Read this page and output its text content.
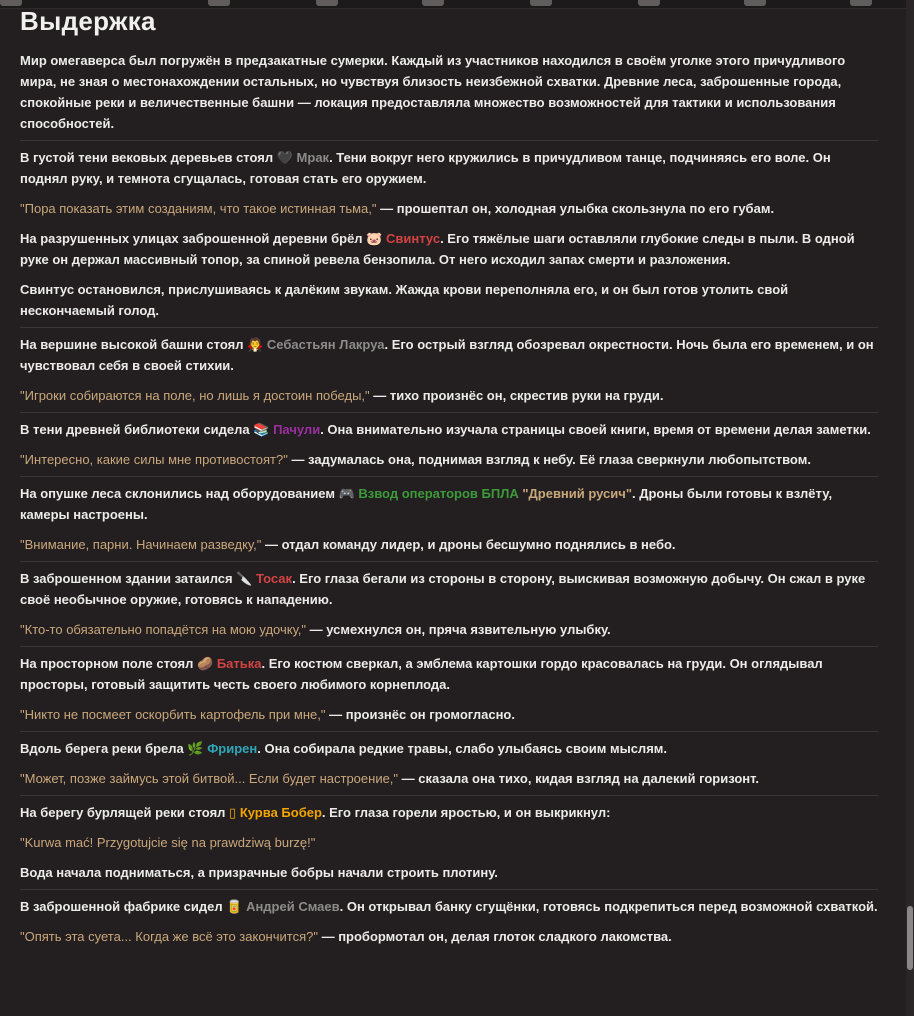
Выдержка

Мир омегаверса был погружён в предзакатные сумерки. Каждый из участников находился в своём уголке этого причудливого мира, не зная о местонахождении остальных, но чувствуя близость неизбежной схватки. Древние леса, заброшенные города, спокойные реки и величественные башни — локация предоставляла множество возможностей для тактики и использования способностей.

В густой тени вековых деревьев стоял 🖤 Мрак. Тени вокруг него кружились в причудливом танце, подчиняясь его воле. Он поднял руку, и темнота сгущалась, готовая стать его оружием.

"Пора показать этим созданиям, что такое истинная тьма," — прошептал он, холодная улыбка скользнула по его губам.

На разрушенных улицах заброшенной деревни брёл 🐷 Свинтус. Его тяжёлые шаги оставляли глубокие следы в пыли. В одной руке он держал массивный топор, за спиной ревела бензопила. От него исходил запах смерти и разложения.

Свинтус остановился, прислушиваясь к далёким звукам. Жажда крови переполняла его, и он был готов утолить свой нескончаемый голод.

На вершине высокой башни стоял 🧛 Себастьян Лакруа. Его острый взгляд обозревал окрестности. Ночь была его временем, и он чувствовал себя в своей стихии.

"Игроки собираются на поле, но лишь я достоин победы," — тихо произнёс он, скрестив руки на груди.

В тени древней библиотеки сидела 📚 Пачули. Она внимательно изучала страницы своей книги, время от времени делая заметки.

"Интересно, какие силы мне противостоят?" — задумалась она, поднимая взгляд к небу. Её глаза сверкнули любопытством.

На опушке леса склонились над оборудованием 🎮 Взвод операторов БПЛА "Древний русич". Дроны были готовы к взлёту, камеры настроены.

"Внимание, парни. Начинаем разведку," — отдал команду лидер, и дроны бесшумно поднялись в небо.

В заброшенном здании затаился 🔪 Тосак. Его глаза бегали из стороны в сторону, выискивая возможную добычу. Он сжал в руке своё необычное оружие, готовясь к нападению.

"Кто-то обязательно попадётся на мою удочку," — усмехнулся он, пряча язвительную улыбку.

На просторном поле стоял 🥔 Батька. Его костюм сверкал, а эмблема картошки гордо красовалась на груди. Он оглядывал просторы, готовый защитить честь своего любимого корнеплода.

"Никто не посмеет оскорбить картофель при мне," — произнёс он громогласно.

Вдоль берега реки брела 🌿 Фрирен. Она собирала редкие травы, слабо улыбаясь своим мыслям.

"Может, позже займусь этой битвой... Если будет настроение," — сказала она тихо, кидая взгляд на далекий горизонт.

На берегу бурлящей реки стоял ▯ Курва Бобер. Его глаза горели яростью, и он выкрикнул:

"Kurwa mać! Przygotujcie się na prawdziwą burzę!"

Вода начала подниматься, а призрачные бобры начали строить плотину.

В заброшенной фабрике сидел 🥫 Андрей Смаев. Он открывал банку сгущёнки, готовясь подкрепиться перед возможной схваткой.

"Опять эта суета... Когда же всё это закончится?" — пробормотал он, делая глоток сладкого лакомства.
